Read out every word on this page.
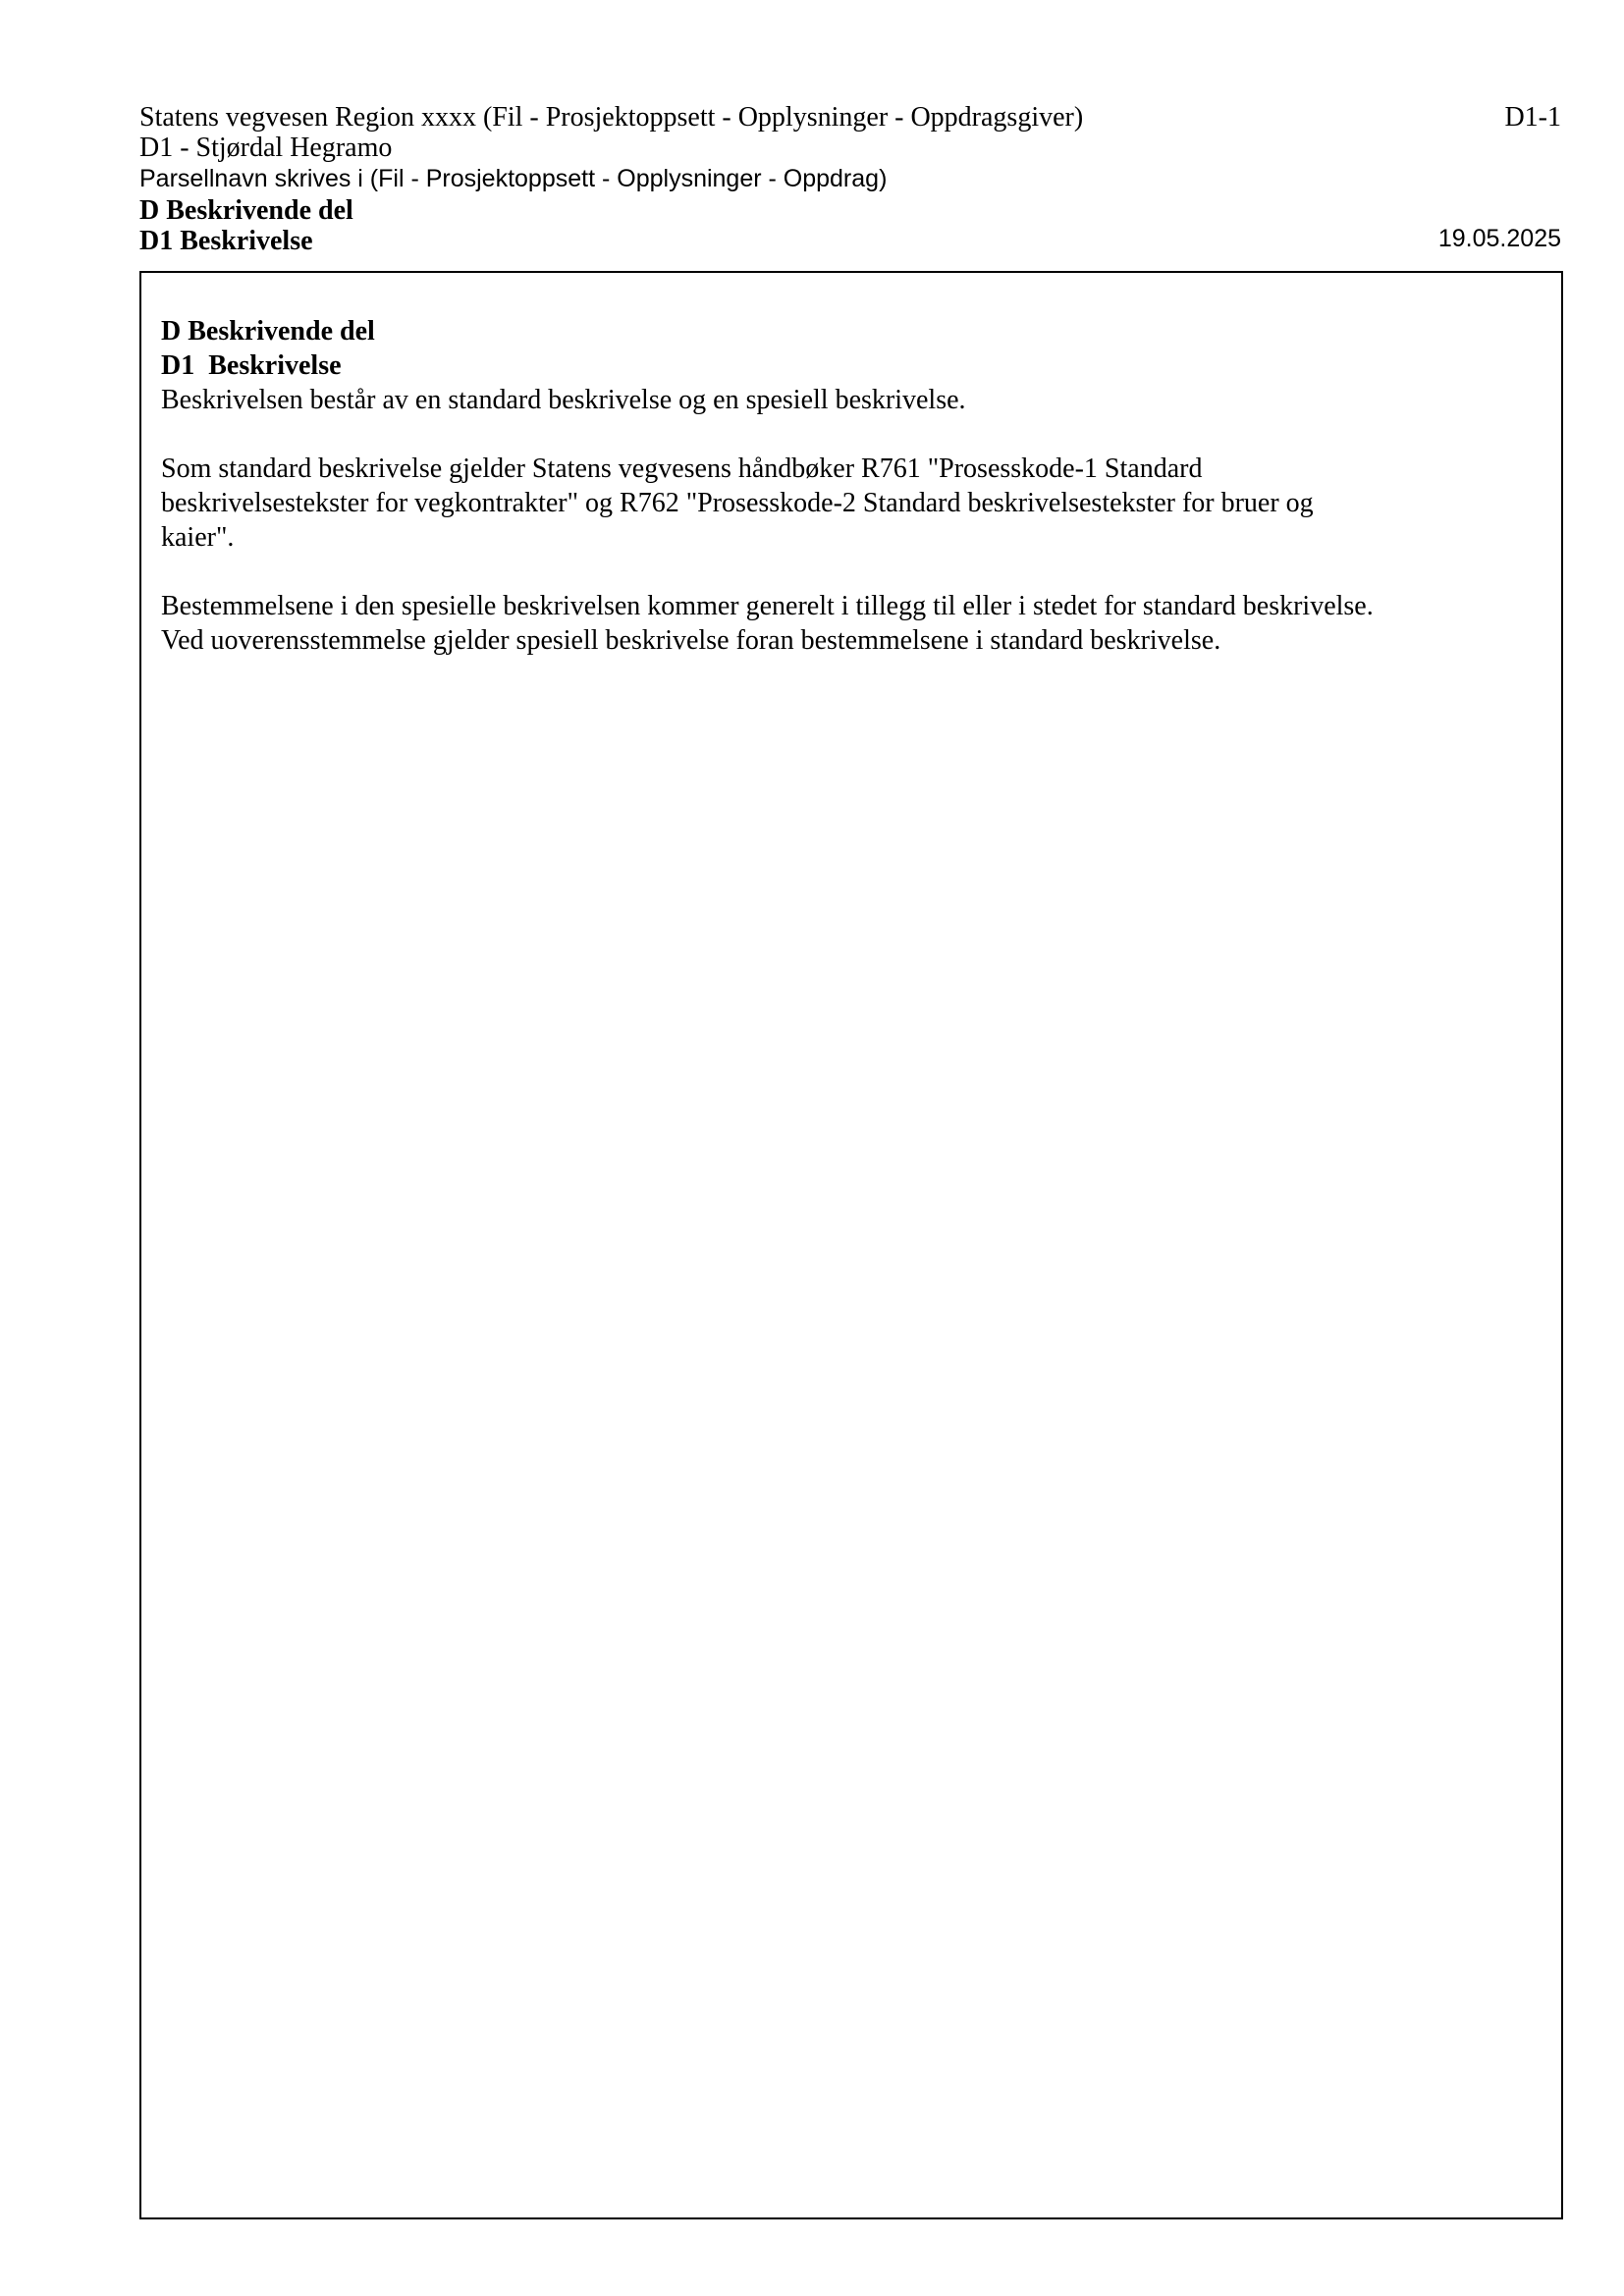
Statens vegvesen Region xxxx (Fil - Prosjektoppsett - Opplysninger - Oppdragsgiver)	D1-1
D1 - Stjørdal Hegramo
Parsellnavn skrives i (Fil - Prosjektoppsett - Opplysninger - Oppdrag)
D Beskrivende del
D1 Beskrivelse	19.05.2025

D Beskrivende del

D1  Beskrivelse

Beskrivelsen består av en standard beskrivelse og en spesiell beskrivelse.

Som standard beskrivelse gjelder Statens vegvesens håndbøker R761 "Prosesskode-1 Standard

beskrivelsestekster for vegkontrakter" og R762 "Prosesskode-2 Standard beskrivelsestekster for bruer og

kaier".

Bestemmelsene i den spesielle beskrivelsen kommer generelt i tillegg til eller i stedet for standard beskrivelse.

Ved uoverensstemmelse gjelder spesiell beskrivelse foran bestemmelsene i standard beskrivelse.
